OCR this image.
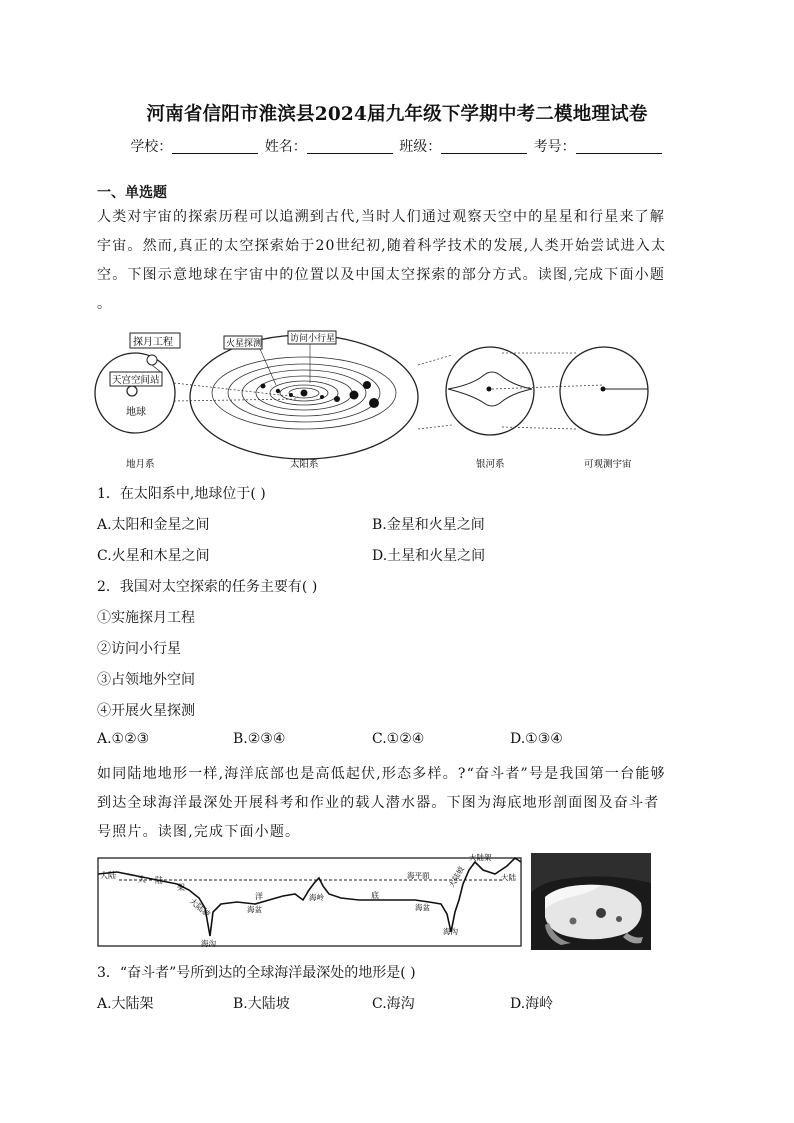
河南省信阳市淮滨县2024届九年级下学期中考二模地理试卷
学校：	姓名：	班级：	考号：
一、单选题
人类对宇宙的探索历程可以追溯到古代,当时人们通过观察天空中的星星和行星来了解
宇宙。然而,真正的太空探索始于20世纪初,随着科学技术的发展,人类开始尝试进入太
空。下图示意地球在宇宙中的位置以及中国太空探索的部分方式。读图,完成下面小题
。
探月工程
天宫空间站
地球
火星探测	访问小行星
地月系	太阳系	银河系	可观测宇宙
1．在太阳系中,地球位于( )
A.太阳和金星之间	B.金星和火星之间
C.火星和木星之间	D.土星和火星之间
2．我国对太空探索的任务主要有( )
①实施探月工程
②访问小行星
③占领地外空间
④开展火星探测
A.①②③	B.②③④	C.①②④	D.①③④
如同陆地地形一样,海洋底部也是高低起伏,形态多样。?“奋斗者”号是我国第一台能够
到达全球海洋最深处开展科考和作业的载人潜水器。下图为海底地形剖面图及奋斗者
号照片。读图,完成下面小题。
大陆	大 陆
架
大陆坡
洋	底
海沟
海盆
海岭
海平面
海盆
海沟
大陆架
大陆坡	大陆
3．“奋斗者”号所到达的全球海洋最深处的地形是( )
A.大陆架	B.大陆坡	C.海沟	D.海岭
